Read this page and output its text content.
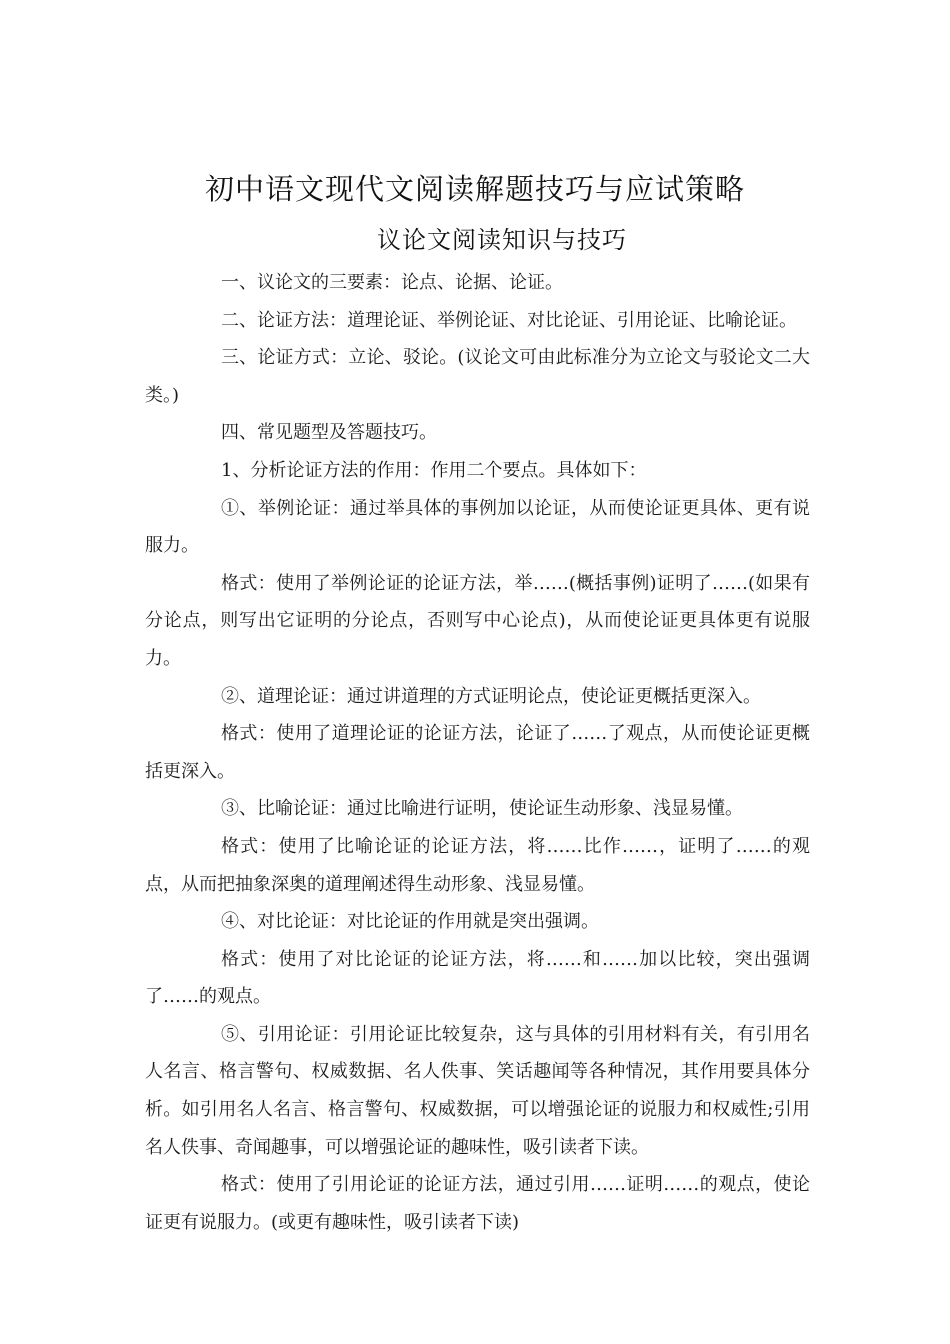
初中语文现代文阅读解题技巧与应试策略
议论文阅读知识与技巧

一、议论文的三要素：论点、论据、论证。

二、论证方法：道理论证、举例论证、对比论证、引用论证、比喻论证。

三、论证方式：立论、驳论。(议论文可由此标准分为立论文与驳论文二大类。)

四、常见题型及答题技巧。

1、分析论证方法的作用：作用二个要点。具体如下：

①、举例论证：通过举具体的事例加以论证，从而使论证更具体、更有说服力。

格式：使用了举例论证的论证方法，举……(概括事例)证明了……(如果有分论点，则写出它证明的分论点，否则写中心论点)，从而使论证更具体更有说服力。

②、道理论证：通过讲道理的方式证明论点，使论证更概括更深入。

格式：使用了道理论证的论证方法，论证了……了观点，从而使论证更概括更深入。

③、比喻论证：通过比喻进行证明，使论证生动形象、浅显易懂。

格式：使用了比喻论证的论证方法，将……比作……，证明了……的观点，从而把抽象深奥的道理阐述得生动形象、浅显易懂。

④、对比论证：对比论证的作用就是突出强调。

格式：使用了对比论证的论证方法，将……和……加以比较，突出强调了……的观点。

⑤、引用论证：引用论证比较复杂，这与具体的引用材料有关，有引用名人名言、格言警句、权威数据、名人佚事、笑话趣闻等各种情况，其作用要具体分析。如引用名人名言、格言警句、权威数据，可以增强论证的说服力和权威性;引用名人佚事、奇闻趣事，可以增强论证的趣味性，吸引读者下读。

格式：使用了引用论证的论证方法，通过引用……证明……的观点，使论证更有说服力。(或更有趣味性，吸引读者下读)
